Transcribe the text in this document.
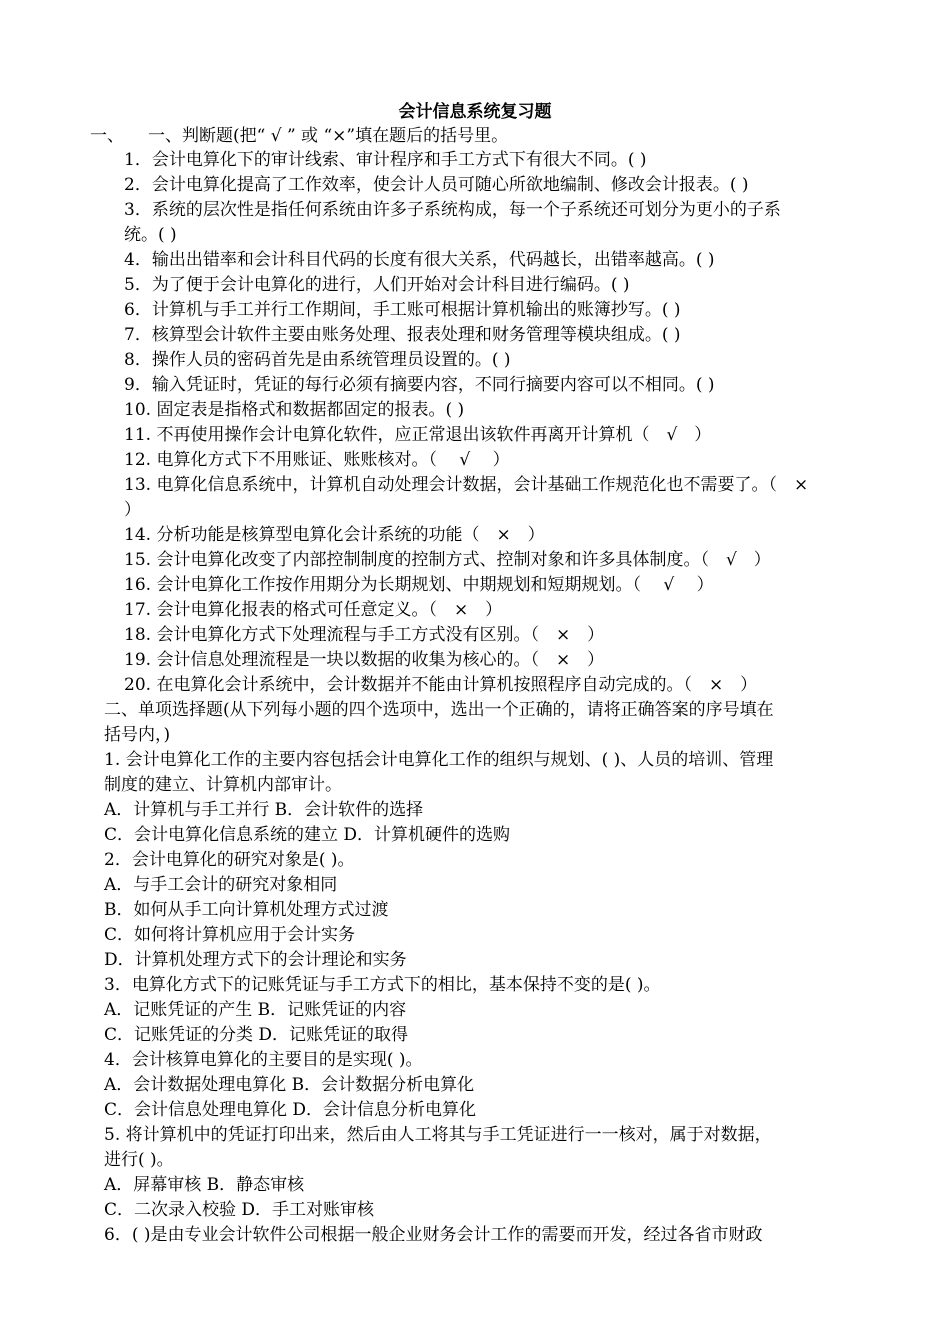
会计信息系统复习题
一、 一、判断题(把“ √ ” 或 “×”填在题后的括号里。
1．会计电算化下的审计线索、审计程序和手工方式下有很大不同。( )
2．会计电算化提高了工作效率，使会计人员可随心所欲地编制、修改会计报表。( )
3．系统的层次性是指任何系统由许多子系统构成，每一个子系统还可划分为更小的子系
统。( )
4．输出出错率和会计科目代码的长度有很大关系，代码越长，出错率越高。( )
5．为了便于会计电算化的进行，人们开始对会计科目进行编码。( )
6．计算机与手工并行工作期间，手工账可根据计算机输出的账簿抄写。( )
7．核算型会计软件主要由账务处理、报表处理和财务管理等模块组成。( )
8．操作人员的密码首先是由系统管理员设置的。( )
9．输入凭证时，凭证的每行必须有摘要内容，不同行摘要内容可以不相同。( )
10. 固定表是指格式和数据都固定的报表。( )
11. 不再使用操作会计电算化软件，应正常退出该软件再离开计算机（　√　）
12. 电算化方式下不用账证、账账核对。（　 √　 ）
13. 电算化信息系统中，计算机自动处理会计数据，会计基础工作规范化也不需要了。（　×
）
14. 分析功能是核算型电算化会计系统的功能（　×　）
15. 会计电算化改变了内部控制制度的控制方式、控制对象和许多具体制度。（　√　）
16. 会计电算化工作按作用期分为长期规划、中期规划和短期规划。（　 √　 ）
17. 会计电算化报表的格式可任意定义。（　×　）
18. 会计电算化方式下处理流程与手工方式没有区别。（　×　）
19. 会计信息处理流程是一块以数据的收集为核心的。（　×　）
20. 在电算化会计系统中，会计数据并不能由计算机按照程序自动完成的。（　×　）
二、单项选择题(从下列每小题的四个选项中，选出一个正确的，请将正确答案的序号填在
括号内，)
1. 会计电算化工作的主要内容包括会计电算化工作的组织与规划、( )、人员的培训、管理
制度的建立、计算机内部审计。
A．计算机与手工并行 B．会计软件的选择
C．会计电算化信息系统的建立 D．计算机硬件的选购
2．会计电算化的研究对象是( )。
A．与手工会计的研究对象相同
B．如何从手工向计算机处理方式过渡
C．如何将计算机应用于会计实务
D．计算机处理方式下的会计理论和实务
3．电算化方式下的记账凭证与手工方式下的相比，基本保持不变的是( )。
A．记账凭证的产生 B．记账凭证的内容
C．记账凭证的分类 D．记账凭证的取得
4．会计核算电算化的主要目的是实现( )。
A．会计数据处理电算化 B．会计数据分析电算化
C．会计信息处理电算化 D．会计信息分析电算化
5. 将计算机中的凭证打印出来，然后由人工将其与手工凭证进行一一核对，属于对数据，
进行( )。
A．屏幕审核 B．静态审核
C．二次录入校验 D．手工对账审核
6．( )是由专业会计软件公司根据一般企业财务会计工作的需要而开发，经过各省市财政
